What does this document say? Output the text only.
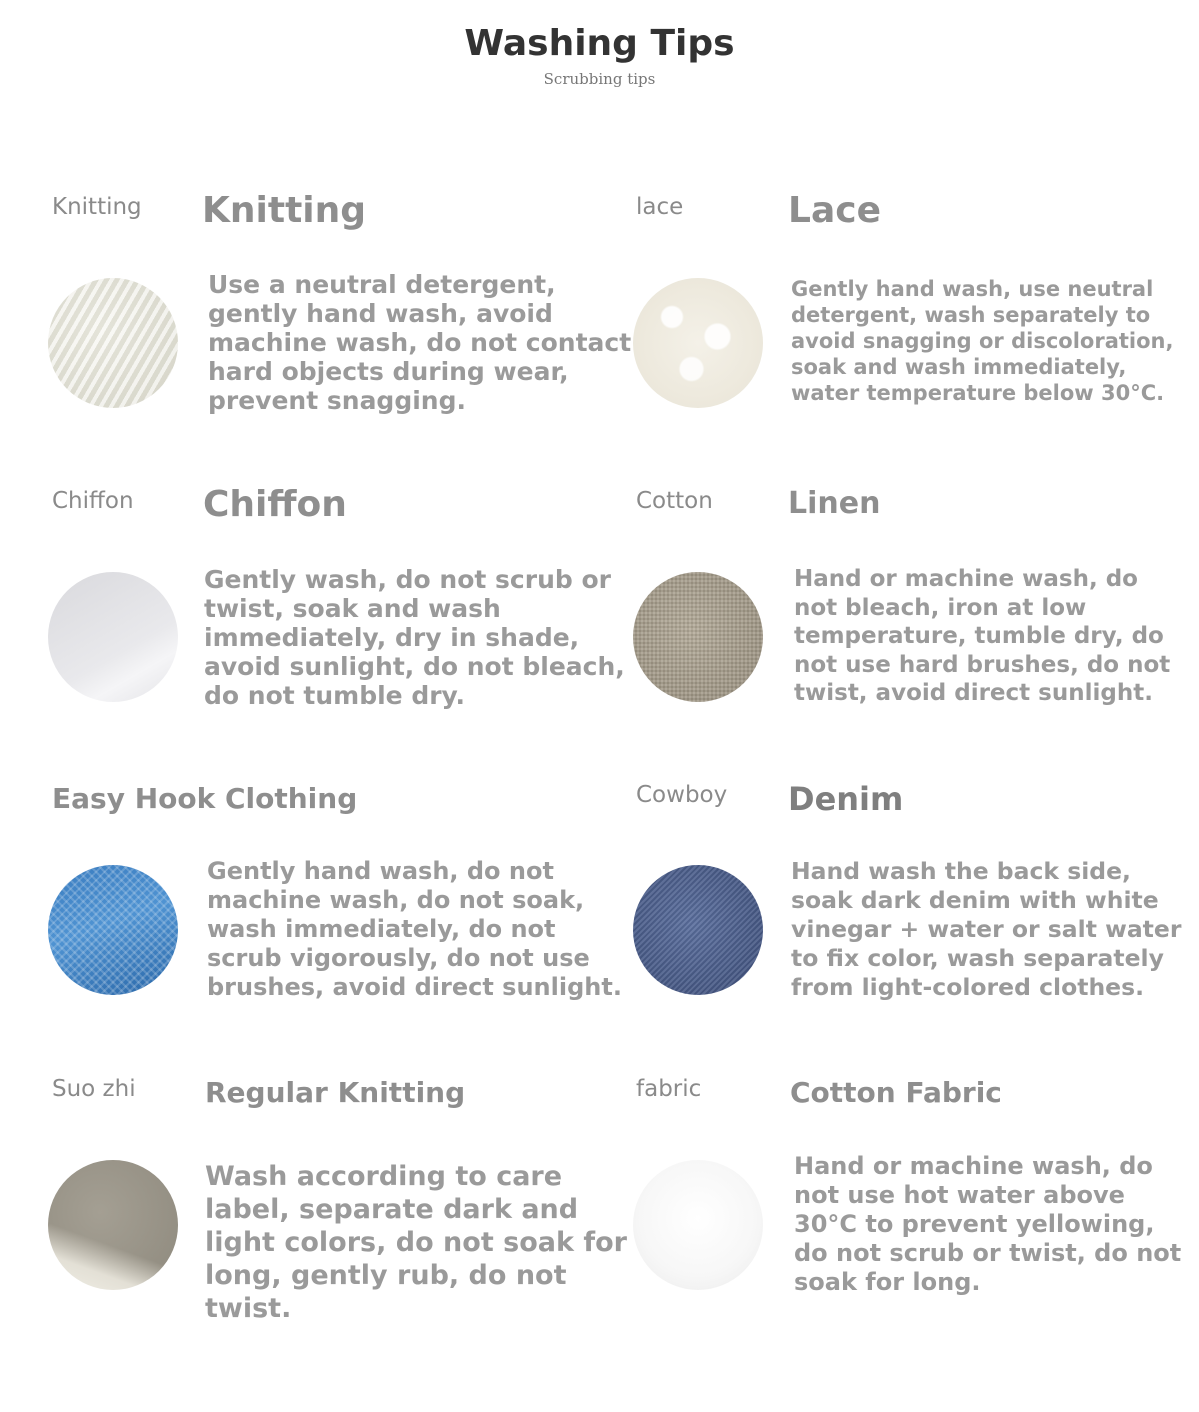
Washing Tips
Scrubbing tips
Knitting Knitting
Use a neutral detergent, gently hand wash, avoid machine wash, do not contact hard objects during wear, prevent snagging.
lace	Lace
Gently hand wash, use neutral detergent, wash separately to avoid snagging or discoloration, soak and wash immediately, water temperature below 30°C.
Chiffon Chiffon
Gently wash, do not scrub or twist, soak and wash immediately, dry in shade, avoid sunlight, do not bleach, do not tumble dry.
Cotton	Linen
Hand or machine wash, do not bleach, iron at low temperature, tumble dry, do not use hard brushes, do not twist, avoid direct sunlight.
Easy Hook Clothing
Gently hand wash, do not machine wash, do not soak, wash immediately, do not scrub vigorously, do not use brushes, avoid direct sunlight.
Cowboy Denim
Hand wash the back side, soak dark denim with white vinegar + water or salt water to fix color, wash separately from light-colored clothes.
Suo zhi Regular Knitting
Wash according to care label, separate dark and light colors, do not soak for long, gently rub, do not twist.
fabric	Cotton Fabric
Hand or machine wash, do not use hot water above 30°C to prevent yellowing, do not scrub or twist, do not soak for long.
